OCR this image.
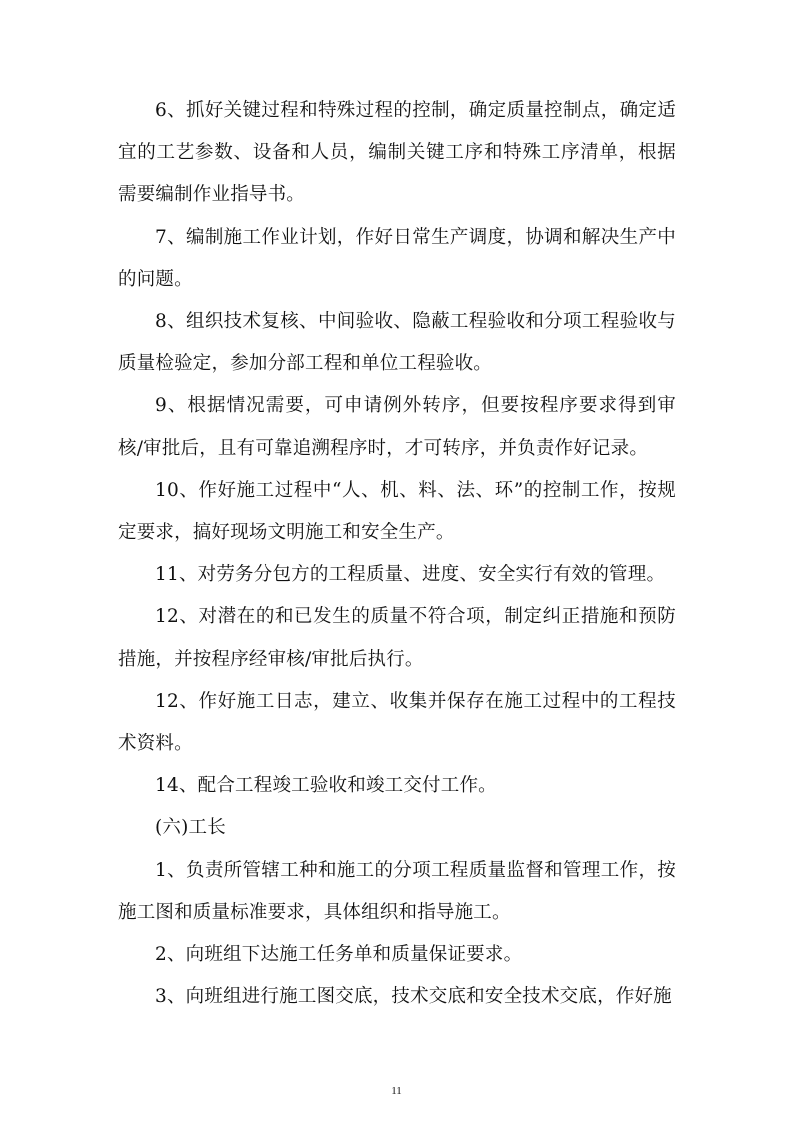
6、抓好关键过程和特殊过程的控制，确定质量控制点，确定适宜的工艺参数、设备和人员，编制关键工序和特殊工序清单，根据需要编制作业指导书。

7、编制施工作业计划，作好日常生产调度，协调和解决生产中的问题。

8、组织技术复核、中间验收、隐蔽工程验收和分项工程验收与质量检验定，参加分部工程和单位工程验收。

9、根据情况需要，可申请例外转序，但要按程序要求得到审核/审批后，且有可靠追溯程序时，才可转序，并负责作好记录。

10、作好施工过程中“人、机、料、法、环”的控制工作，按规定要求，搞好现场文明施工和安全生产。

11、对劳务分包方的工程质量、进度、安全实行有效的管理。

12、对潜在的和已发生的质量不符合项，制定纠正措施和预防措施，并按程序经审核/审批后执行。

12、作好施工日志，建立、收集并保存在施工过程中的工程技术资料。

14、配合工程竣工验收和竣工交付工作。

(六)工长

1、负责所管辖工种和施工的分项工程质量监督和管理工作，按施工图和质量标准要求，具体组织和指导施工。

2、向班组下达施工任务单和质量保证要求。

3、向班组进行施工图交底，技术交底和安全技术交底，作好施

11
